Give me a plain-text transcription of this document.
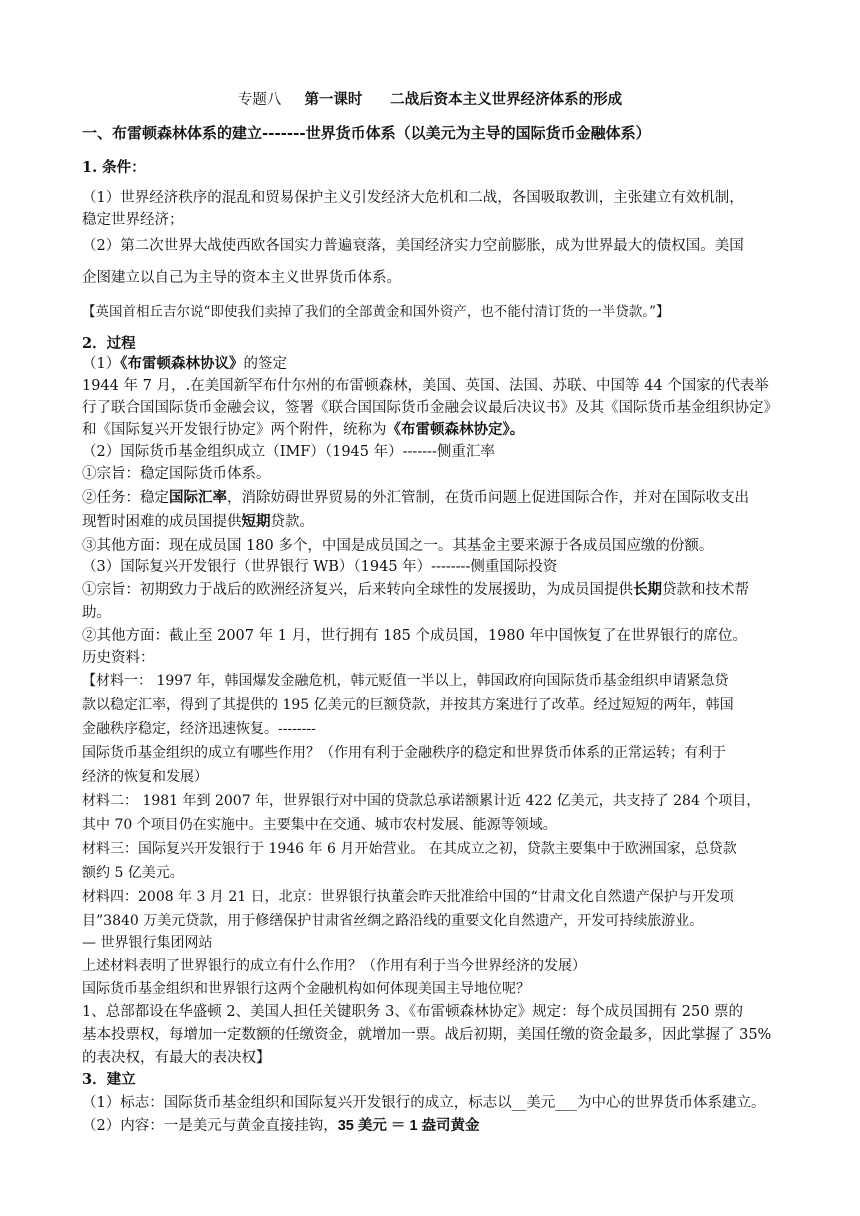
专题八 第一课时 二战后资本主义世界经济体系的形成
一、布雷顿森林体系的建立-------世界货币体系（以美元为主导的国际货币金融体系）
1. 条件：
（1）世界经济秩序的混乱和贸易保护主义引发经济大危机和二战，各国吸取教训，主张建立有效机制，
稳定世界经济；
（2）第二次世界大战使西欧各国实力普遍衰落，美国经济实力空前膨胀，成为世界最大的债权国。美国
企图建立以自己为主导的资本主义世界货币体系。
【英国首相丘吉尔说“即使我们卖掉了我们的全部黄金和国外资产，也不能付清订货的一半贷款。”】
2．过程
（1）《布雷顿森林协议》的签定
1944 年 7 月，.在美国新罕布什尔州的布雷顿森林，美国、英国、法国、苏联、中国等 44 个国家的代表举
行了联合国国际货币金融会议，签署《联合国国际货币金融会议最后决议书》及其《国际货币基金组织协定》
和《国际复兴开发银行协定》两个附件，统称为《布雷顿森林协定》。
（2）国际货币基金组织成立（IMF）（1945 年）-------侧重汇率
①宗旨：稳定国际货币体系。
②任务：稳定国际汇率，消除妨碍世界贸易的外汇管制，在货币问题上促进国际合作，并对在国际收支出
现暂时困难的成员国提供短期贷款。
③其他方面：现在成员国 180 多个，中国是成员国之一。其基金主要来源于各成员国应缴的份额。
（3）国际复兴开发银行（世界银行 WB）（1945 年）--------侧重国际投资
①宗旨：初期致力于战后的欧洲经济复兴，后来转向全球性的发展援助，为成员国提供长期贷款和技术帮
助。
②其他方面：截止至 2007 年 1 月，世行拥有 185 个成员国，1980 年中国恢复了在世界银行的席位。
历史资料：
【材料一： 1997 年，韩国爆发金融危机，韩元贬值一半以上，韩国政府向国际货币基金组织申请紧急贷
款以稳定汇率，得到了其提供的 195 亿美元的巨额贷款，并按其方案进行了改革。经过短短的两年，韩国
金融秩序稳定，经济迅速恢复。--------
国际货币基金组织的成立有哪些作用？（作用有利于金融秩序的稳定和世界货币体系的正常运转；有利于
经济的恢复和发展）
材料二： 1981 年到 2007 年，世界银行对中国的贷款总承诺额累计近 422 亿美元，共支持了 284 个项目，
其中 70 个项目仍在实施中。主要集中在交通、城市农村发展、能源等领域。
材料三：国际复兴开发银行于 1946 年 6 月开始营业。 在其成立之初，贷款主要集中于欧洲国家，总贷款
额约 5 亿美元。
材料四：2008 年 3 月 21 日，北京：世界银行执董会昨天批准给中国的“甘肃文化自然遗产保护与开发项
目”3840 万美元贷款，用于修缮保护甘肃省丝绸之路沿线的重要文化自然遗产，开发可持续旅游业。
— 世界银行集团网站
上述材料表明了世界银行的成立有什么作用？（作用有利于当今世界经济的发展）
国际货币基金组织和世界银行这两个金融机构如何体现美国主导地位呢？
1、总部都设在华盛顿 2、美国人担任关键职务 3、《布雷顿森林协定》规定：每个成员国拥有 250 票的
基本投票权，每增加一定数额的任缴资金，就增加一票。战后初期，美国任缴的资金最多，因此掌握了 35%
的表决权，有最大的表决权】
3．建立
（1）标志：国际货币基金组织和国际复兴开发银行的成立，标志以__美元___为中心的世界货币体系建立。
（2）内容：一是美元与黄金直接挂钩，35 美元 ＝ 1 盎司黄金
